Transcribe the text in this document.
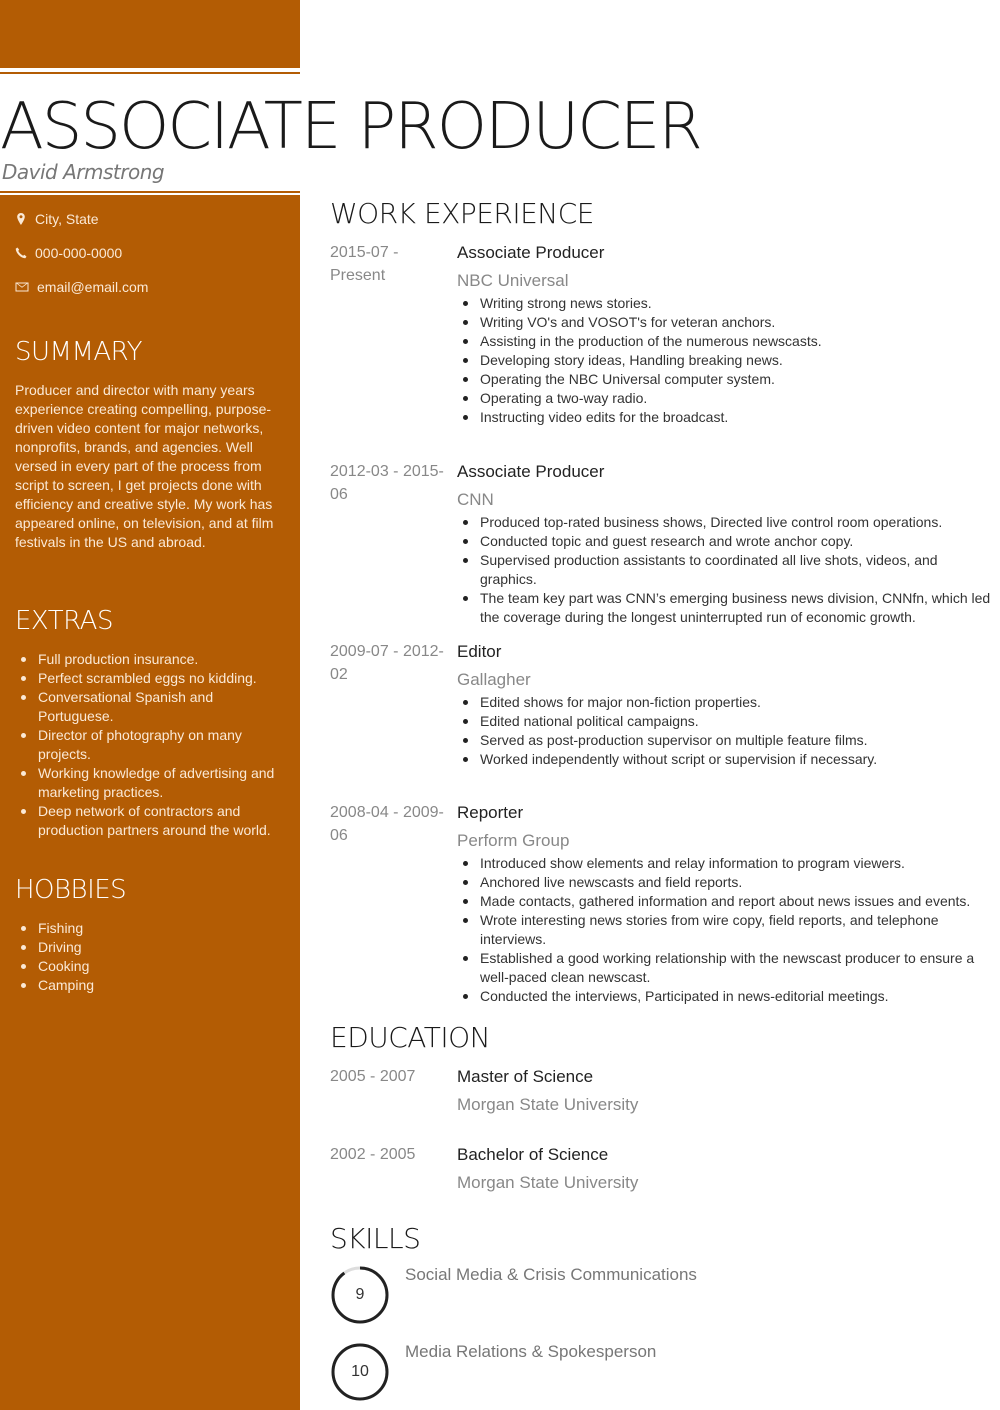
ASSOCIATE PRODUCER
David Armstrong
City, State
000-000-0000
email@email.com
SUMMARY
Producer and director with many years experience creating compelling, purpose-driven video content for major networks, nonprofits, brands, and agencies. Well versed in every part of the process from script to screen, I get projects done with efficiency and creative style. My work has appeared online, on television, and at film festivals in the US and abroad.
EXTRAS
Full production insurance.
Perfect scrambled eggs no kidding.
Conversational Spanish and Portuguese.
Director of photography on many projects.
Working knowledge of advertising and marketing practices.
Deep network of contractors and production partners around the world.
HOBBIES
Fishing
Driving
Cooking
Camping
WORK EXPERIENCE
2015-07 - Present
Associate Producer
NBC Universal
Writing strong news stories.
Writing VO's and VOSOT's for veteran anchors.
Assisting in the production of the numerous newscasts.
Developing story ideas, Handling breaking news.
Operating the NBC Universal computer system.
Operating a two-way radio.
Instructing video edits for the broadcast.
2012-03 - 2015-06
Associate Producer
CNN
Produced top-rated business shows, Directed live control room operations.
Conducted topic and guest research and wrote anchor copy.
Supervised production assistants to coordinated all live shots, videos, and graphics.
The team key part was CNN’s emerging business news division, CNNfn, which led the coverage during the longest uninterrupted run of economic growth.
2009-07 - 2012-02
Editor
Gallagher
Edited shows for major non-fiction properties.
Edited national political campaigns.
Served as post-production supervisor on multiple feature films.
Worked independently without script or supervision if necessary.
2008-04 - 2009-06
Reporter
Perform Group
Introduced show elements and relay information to program viewers.
Anchored live newscasts and field reports.
Made contacts, gathered information and report about news issues and events.
Wrote interesting news stories from wire copy, field reports, and telephone interviews.
Established a good working relationship with the newscast producer to ensure a well-paced clean newscast.
Conducted the interviews, Participated in news-editorial meetings.
EDUCATION
2005 - 2007	Master of Science
Morgan State University
2002 - 2005	Bachelor of Science
Morgan State University
SKILLS
9
Social Media & Crisis Communications
10
Media Relations & Spokesperson
